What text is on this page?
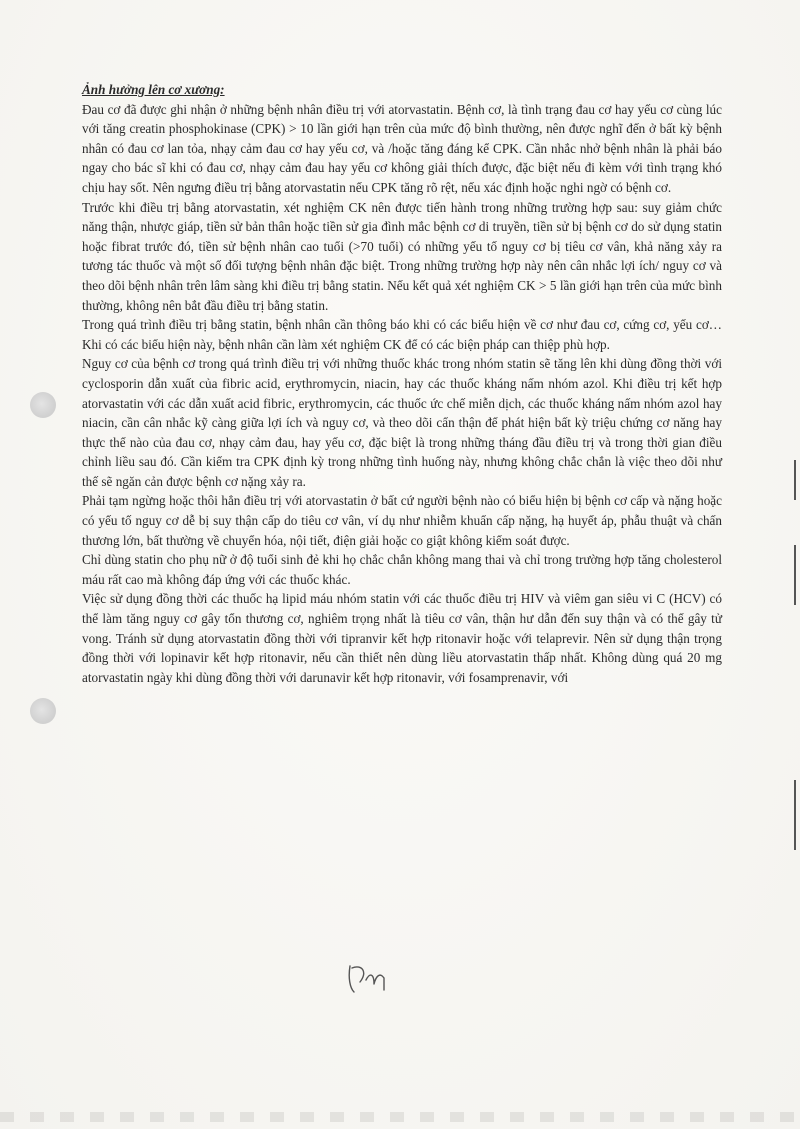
Ảnh hưởng lên cơ xương:

Đau cơ đã được ghi nhận ở những bệnh nhân điều trị với atorvastatin. Bệnh cơ, là tình trạng đau cơ hay yếu cơ cùng lúc với tăng creatin phosphokinase (CPK) > 10 lần giới hạn trên của mức độ bình thường, nên được nghĩ đến ở bất kỳ bệnh nhân có đau cơ lan tỏa, nhạy cảm đau cơ hay yếu cơ, và /hoặc tăng đáng kể CPK. Cần nhắc nhở bệnh nhân là phải báo ngay cho bác sĩ khi có đau cơ, nhạy cảm đau hay yếu cơ không giải thích được, đặc biệt nếu đi kèm với tình trạng khó chịu hay sốt. Nên ngưng điều trị bằng atorvastatin nếu CPK tăng rõ rệt, nếu xác định hoặc nghi ngờ có bệnh cơ.

Trước khi điều trị bằng atorvastatin, xét nghiệm CK nên được tiến hành trong những trường hợp sau: suy giảm chức năng thận, nhược giáp, tiền sử bản thân hoặc tiền sử gia đình mắc bệnh cơ di truyền, tiền sử bị bệnh cơ do sử dụng statin hoặc fibrat trước đó, tiền sử bệnh nhân cao tuổi (>70 tuổi) có những yếu tố nguy cơ bị tiêu cơ vân, khả năng xảy ra tương tác thuốc và một số đối tượng bệnh nhân đặc biệt. Trong những trường hợp này nên cân nhắc lợi ích/ nguy cơ và theo dõi bệnh nhân trên lâm sàng khi điều trị bằng statin. Nếu kết quả xét nghiệm CK > 5 lần giới hạn trên của mức bình thường, không nên bắt đầu điều trị bằng statin.

Trong quá trình điều trị bằng statin, bệnh nhân cần thông báo khi có các biểu hiện về cơ như đau cơ, cứng cơ, yếu cơ… Khi có các biểu hiện này, bệnh nhân cần làm xét nghiệm CK để có các biện pháp can thiệp phù hợp.

Nguy cơ của bệnh cơ trong quá trình điều trị với những thuốc khác trong nhóm statin sẽ tăng lên khi dùng đồng thời với cyclosporin dẫn xuất của fibric acid, erythromycin, niacin, hay các thuốc kháng nấm nhóm azol. Khi điều trị kết hợp atorvastatin với các dẫn xuất acid fibric, erythromycin, các thuốc ức chế miễn dịch, các thuốc kháng nấm nhóm azol hay niacin, cần cân nhắc kỹ càng giữa lợi ích và nguy cơ, và theo dõi cẩn thận để phát hiện bất kỳ triệu chứng cơ năng hay thực thể nào của đau cơ, nhạy cảm đau, hay yếu cơ, đặc biệt là trong những tháng đầu điều trị và trong thời gian điều chỉnh liều sau đó. Cần kiểm tra CPK định kỳ trong những tình huống này, nhưng không chắc chắn là việc theo dõi như thế sẽ ngăn cản được bệnh cơ nặng xảy ra.

Phải tạm ngừng hoặc thôi hẳn điều trị với atorvastatin ở bất cứ người bệnh nào có biểu hiện bị bệnh cơ cấp và nặng hoặc có yếu tố nguy cơ dễ bị suy thận cấp do tiêu cơ vân, ví dụ như nhiễm khuẩn cấp nặng, hạ huyết áp, phẫu thuật và chấn thương lớn, bất thường về chuyển hóa, nội tiết, điện giải hoặc co giật không kiểm soát được.

Chỉ dùng statin cho phụ nữ ở độ tuổi sinh đẻ khi họ chắc chắn không mang thai và chỉ trong trường hợp tăng cholesterol máu rất cao mà không đáp ứng với các thuốc khác.

Việc sử dụng đồng thời các thuốc hạ lipid máu nhóm statin với các thuốc điều trị HIV và viêm gan siêu vi C (HCV) có thể làm tăng nguy cơ gây tổn thương cơ, nghiêm trọng nhất là tiêu cơ vân, thận hư dẫn đến suy thận và có thể gây tử vong. Tránh sử dụng atorvastatin đồng thời với tipranvir kết hợp ritonavir hoặc với telaprevir. Nên sử dụng thận trọng đồng thời với lopinavir kết hợp ritonavir, nếu cần thiết nên dùng liều atorvastatin thấp nhất. Không dùng quá 20 mg atorvastatin ngày khi dùng đồng thời với darunavir kết hợp ritonavir, với fosamprenavir, với
